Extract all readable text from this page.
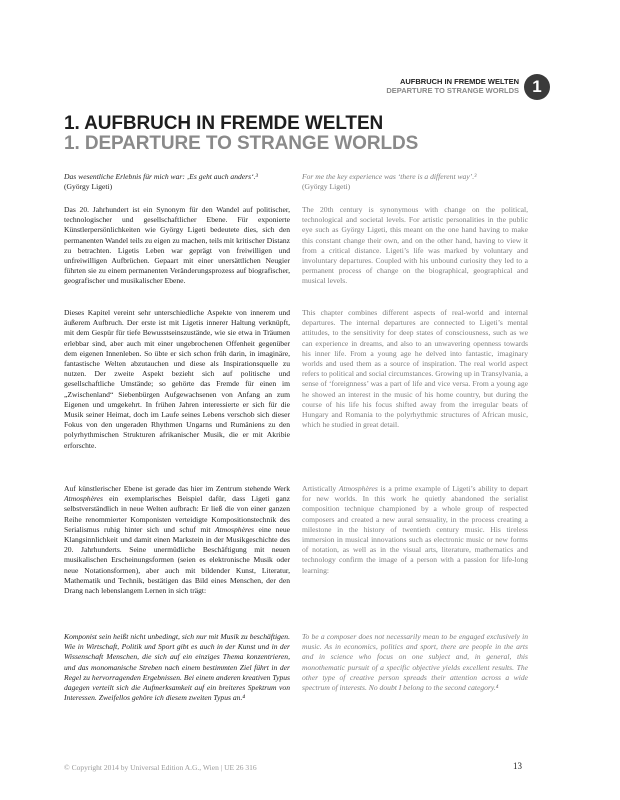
AUFBRUCH IN FREMDE WELTEN
DEPARTURE TO STRANGE WORLDS 1
1. AUFBRUCH IN FREMDE WELTEN
1. DEPARTURE TO STRANGE WORLDS

Das wesentliche Erlebnis für mich war: ‚Es geht auch anders‘.³

(György Ligeti)

Das 20. Jahrhundert ist ein Synonym für den Wandel auf politischer, technologischer und gesellschaftlicher Ebene. Für exponierte Künstlerpersönlichkeiten wie György Ligeti bedeutete dies, sich den permanenten Wandel teils zu eigen zu machen, teils mit kritischer Distanz zu betrachten. Ligetis Leben war geprägt von freiwilligen und unfreiwilligen Aufbrüchen. Gepaart mit einer unersättlichen Neugier führten sie zu einem permanenten Veränderungsprozess auf biografischer, geografischer und musikalischer Ebene.

Dieses Kapitel vereint sehr unterschiedliche Aspekte von innerem und äußerem Aufbruch. Der erste ist mit Ligetis innerer Haltung verknüpft, mit dem Gespür für tiefe Bewusstseinszustände, wie sie etwa in Träumen erlebbar sind, aber auch mit einer ungebrochenen Offenheit gegenüber dem eigenen Innenleben. So übte er sich schon früh darin, in imaginäre, fantastische Welten abzutauchen und diese als Inspirationsquelle zu nutzen. Der zweite Aspekt bezieht sich auf politische und gesellschaftliche Umstände; so gehörte das Fremde für einen im „Zwischenland“ Siebenbürgen Aufgewachsenen von Anfang an zum Eigenen und umgekehrt. In frühen Jahren interessierte er sich für die Musik seiner Heimat, doch im Laufe seines Lebens verschob sich dieser Fokus von den ungeraden Rhythmen Ungarns und Rumäniens zu den polyrhythmischen Strukturen afrikanischer Musik, die er mit Akribie erforschte.

Auf künstlerischer Ebene ist gerade das hier im Zentrum stehende Werk Atmosphères ein exemplarisches Beispiel dafür, dass Ligeti ganz selbstverständlich in neue Welten aufbrach: Er ließ die von einer ganzen Reihe renommierter Komponisten verteidigte Kompositionstechnik des Serialismus ruhig hinter sich und schuf mit Atmosphères eine neue Klangsinnlichkeit und damit einen Markstein in der Musikgeschichte des 20. Jahrhunderts. Seine unermüdliche Beschäftigung mit neuen musikalischen Erscheinungsformen (seien es elektronische Musik oder neue Notationsformen), aber auch mit bildender Kunst, Literatur, Mathematik und Technik, bestätigen das Bild eines Menschen, der den Drang nach lebenslangem Lernen in sich trägt:

Komponist sein heißt nicht unbedingt, sich nur mit Musik zu beschäftigen. Wie in Wirtschaft, Politik und Sport gibt es auch in der Kunst und in der Wissenschaft Menschen, die sich auf ein einziges Thema konzentrieren, und das monomanische Streben nach einem bestimmten Ziel führt in der Regel zu hervorragenden Ergebnissen. Bei einem anderen kreativen Typus dagegen verteilt sich die Aufmerksamkeit auf ein breiteres Spektrum von Interessen. Zweifellos gehöre ich diesem zweiten Typus an.⁴

For me the key experience was ‘there is a different way’.³

(György Ligeti)

The 20th century is synonymous with change on the political, technological and societal levels. For artistic personalities in the public eye such as György Ligeti, this meant on the one hand having to make this constant change their own, and on the other hand, having to view it from a critical distance. Ligeti’s life was marked by voluntary and involuntary departures. Coupled with his unbound curiosity they led to a permanent process of change on the biographical, geographical and musical levels.

This chapter combines different aspects of real-world and internal departures. The internal departures are connected to Ligeti’s mental attitudes, to the sensitivity for deep states of consciousness, such as we can experience in dreams, and also to an unwavering openness towards his inner life. From a young age he delved into fantastic, imaginary worlds and used them as a source of inspiration. The real world aspect refers to political and social circumstances. Growing up in Transylvania, a sense of ‘foreignness’ was a part of life and vice versa. From a young age he showed an interest in the music of his home country, but during the course of his life his focus shifted away from the irregular beats of Hungary and Romania to the polyrhythmic structures of African music, which he studied in great detail.

Artistically Atmosphères is a prime example of Ligeti’s ability to depart for new worlds. In this work he quietly abandoned the serialist composition technique championed by a whole group of respected composers and created a new aural sensuality, in the process creating a milestone in the history of twentieth century music. His tireless immersion in musical innovations such as electronic music or new forms of notation, as well as in the visual arts, literature, mathematics and technology confirm the image of a person with a passion for life-long learning:

To be a composer does not necessarily mean to be engaged exclusively in music. As in economics, politics and sport, there are people in the arts and in science who focus on one subject and, in general, this monothematic pursuit of a specific objective yields excellent results. The other type of creative person spreads their attention across a wide spectrum of interests. No doubt I belong to the second category.⁴

© Copyright 2014 by Universal Edition A.G., Wien | UE 26 316	13
